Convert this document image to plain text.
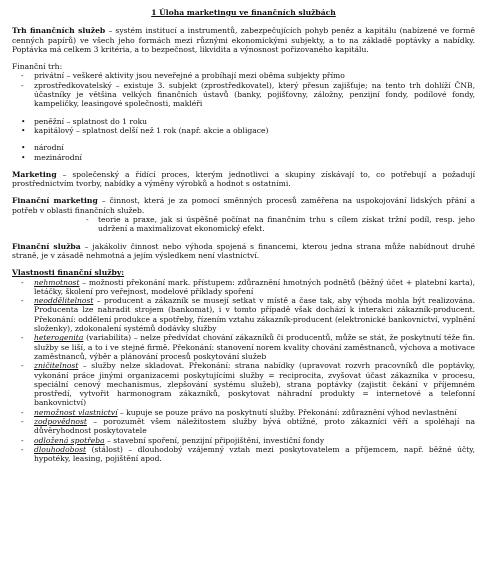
1 Úloha marketingu ve finančních službách

Trh finančních služeb – systém institucí a instrumentů, zabezpečujících pohyb peněz a kapitálu (nabízené ve formě cenných papírů) ve všech jeho formách mezi různými ekonomickými subjekty, a to na základě poptávky a nabídky. Poptávka má celkem 3 kritéria, a to bezpečnost, likvidita a výnosnost pořizovaného kapitálu.

Finanční trh:

- privátní – veškeré aktivity jsou neveřejné a probíhají mezi oběma subjekty přímo
- zprostředkovatelský – existuje 3. subjekt (zprostředkovatel), který přesun zajišťuje; na tento trh dohlíží ČNB, účastníky je většina velkých finančních ústavů (banky, pojišťovny, záložny, penzijní fondy, podílové fondy, kampeličky, leasingové společnosti, makléři
• peněžní – splatnost do 1 roku
• kapitálový – splatnost delší než 1 rok (např. akcie a obligace)
• národní
• mezinárodní

Marketing – společenský a řídící proces, kterým jednotlivci a skupiny získávají to, co potřebují a požadují prostřednictvím tvorby, nabídky a výměny výrobků a hodnot s ostatními.

Finanční marketing – činnost, která je za pomocí směnných procesů zaměřena na uspokojování lidských přání a potřeb v oblasti finančních služeb.

- teorie a praxe, jak si úspěšně počínat na finančním trhu s cílem získat tržní podíl, resp. jeho udržení a maximalizovat ekonomický efekt.

Finanční služba – jakákoliv činnost nebo výhoda spojená s financemi, kterou jedna strana může nabídnout druhé straně, je v zásadě nehmotná a jejím výsledkem není vlastnictví.

Vlastnosti finanční služby:

- nehmotnost – možnosti překonání mark. přístupem: zdůraznění hmotných podnětů (běžný účet + platební karta), letáčky, školení pro veřejnost, modelové příklady spoření
- neoddělitelnost – producent a zákazník se musejí setkat v místě a čase tak, aby výhoda mohla být realizována. Producenta lze nahradit strojem (bankomat), i v tomto případě však dochází k interakci zákazník-producent. Překonání: oddělení produkce a spotřeby, řízením vztahu zákazník-producent (elektronické bankovnictví, vyplnění složenky), zdokonalení systémů dodávky služby
- heterogenita (variabilita) – nelze předvídat chování zákazníků či producentů, může se stát, že poskytnutí téže fin. služby se liší, a to i ve stejné firmě. Překonání: stanovení norem kvality chování zaměstnanců, výchova a motivace zaměstnanců, výběr a plánování procesů poskytování služeb
- zničitelnost – služby nelze skladovat. Překonání: strana nabídky (upravovat rozvrh pracovníků dle poptávky, vykonání práce jinými organizacemi poskytujícími služby = reciprocita, zvyšovat účast zákazníka v procesu, speciální cenový mechanismus, zlepšování systému služeb), strana poptávky (zajistit čekání v příjemném prostředí, vytvořit harmonogram zákazníků, poskytovat náhradní produkty = internetové a telefonní bankovnictví)
- nemožnost vlastnictví – kupuje se pouze právo na poskytnutí služby. Překonání: zdůraznění výhod nevlastnění
- zodpovědnost – porozumět všem náležitostem služby bývá obtížné, proto zákazníci věří a spoléhají na důvěryhodnost poskytovatele
- odložená spotřeba – stavební spoření, penzijní připojištění, investiční fondy
- dlouhodobost (stálost) – dlouhodobý vzájemný vztah mezi poskytovatelem a příjemcem, např. běžné účty, hypotéky, leasing, pojištění apod.
